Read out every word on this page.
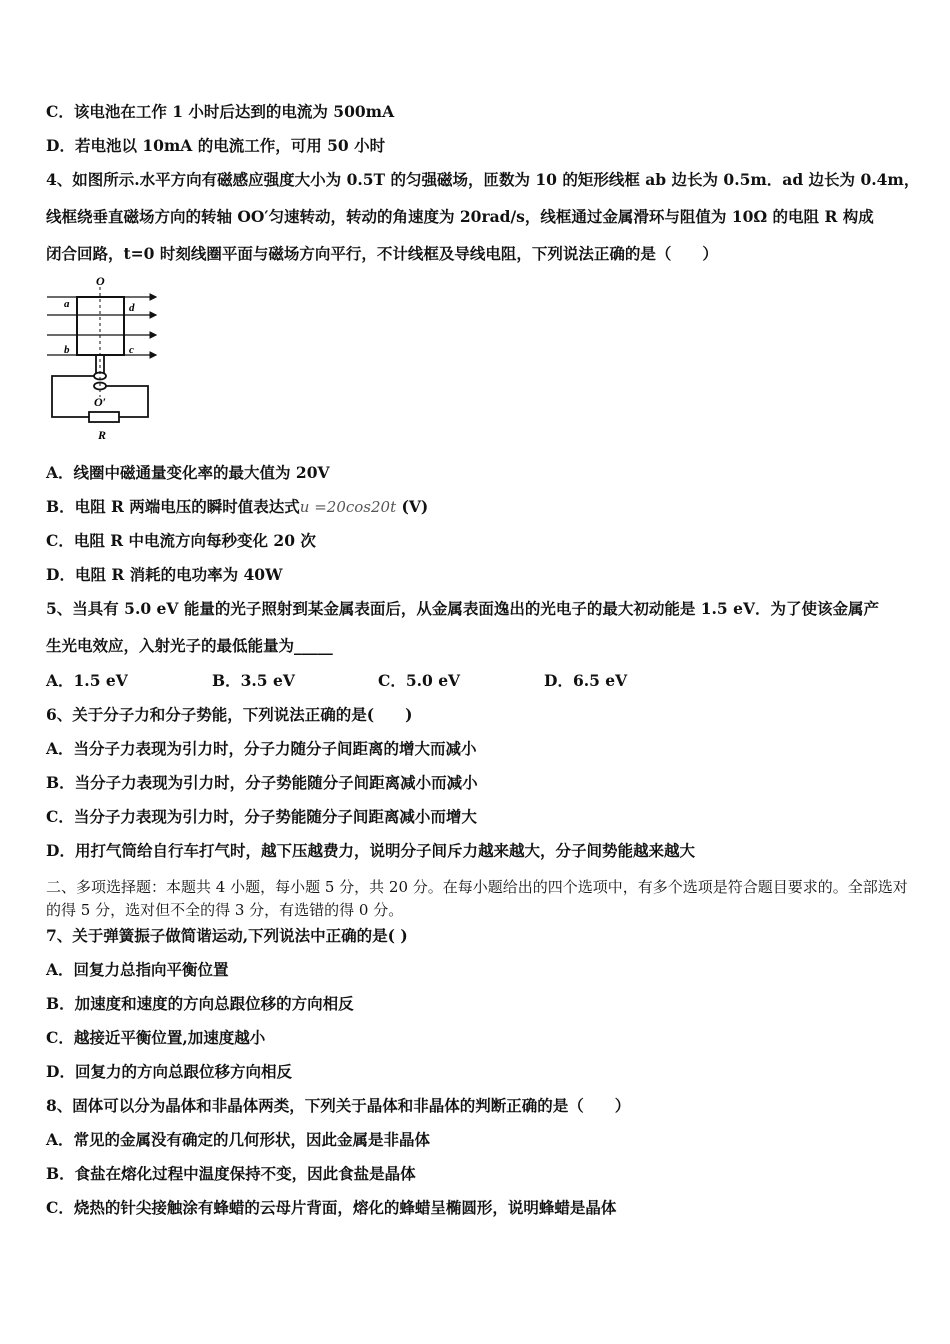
C．该电池在工作 1 小时后达到的电流为 500mA
D．若电池以 10mA 的电流工作，可用 50 小时
4、如图所示.水平方向有磁感应强度大小为 0.5T 的匀强磁场，匝数为 10 的矩形线框 ab 边长为 0.5m．ad 边长为 0.4m，
线框绕垂直磁场方向的转轴 OO′匀速转动，转动的角速度为 20rad/s，线框通过金属滑环与阻值为 10Ω 的电阻 R 构成
闭合回路，t=0 时刻线圈平面与磁场方向平行，不计线框及导线电阻，下列说法正确的是（　　）
O
a	d
b	c
O′
R
A．线圈中磁通量变化率的最大值为 20V
B．电阻 R 两端电压的瞬时值表达式u =20cos20t (V)
C．电阻 R 中电流方向每秒变化 20 次
D．电阻 R 消耗的电功率为 40W
5、当具有 5.0 eV 能量的光子照射到某金属表面后，从金属表面逸出的光电子的最大初动能是 1.5 eV．为了使该金属产
生光电效应，入射光子的最低能量为_____
A．1.5 eV	B．3.5 eV	C．5.0 eV	D．6.5 eV
6、关于分子力和分子势能，下列说法正确的是(　　)
A．当分子力表现为引力时，分子力随分子间距离的增大而减小
B．当分子力表现为引力时，分子势能随分子间距离减小而减小
C．当分子力表现为引力时，分子势能随分子间距离减小而增大
D．用打气筒给自行车打气时，越下压越费力，说明分子间斥力越来越大，分子间势能越来越大
二、多项选择题：本题共 4 小题，每小题 5 分，共 20 分。在每小题给出的四个选项中，有多个选项是符合题目要求的。全部选对的得 5 分，选对但不全的得 3 分，有选错的得 0 分。
7、关于弹簧振子做简谐运动,下列说法中正确的是( )
A．回复力总指向平衡位置
B．加速度和速度的方向总跟位移的方向相反
C．越接近平衡位置,加速度越小
D．回复力的方向总跟位移方向相反
8、固体可以分为晶体和非晶体两类，下列关于晶体和非晶体的判断正确的是（　　）
A．常见的金属没有确定的几何形状，因此金属是非晶体
B．食盐在熔化过程中温度保持不变，因此食盐是晶体
C．烧热的针尖接触涂有蜂蜡的云母片背面，熔化的蜂蜡呈椭圆形，说明蜂蜡是晶体
